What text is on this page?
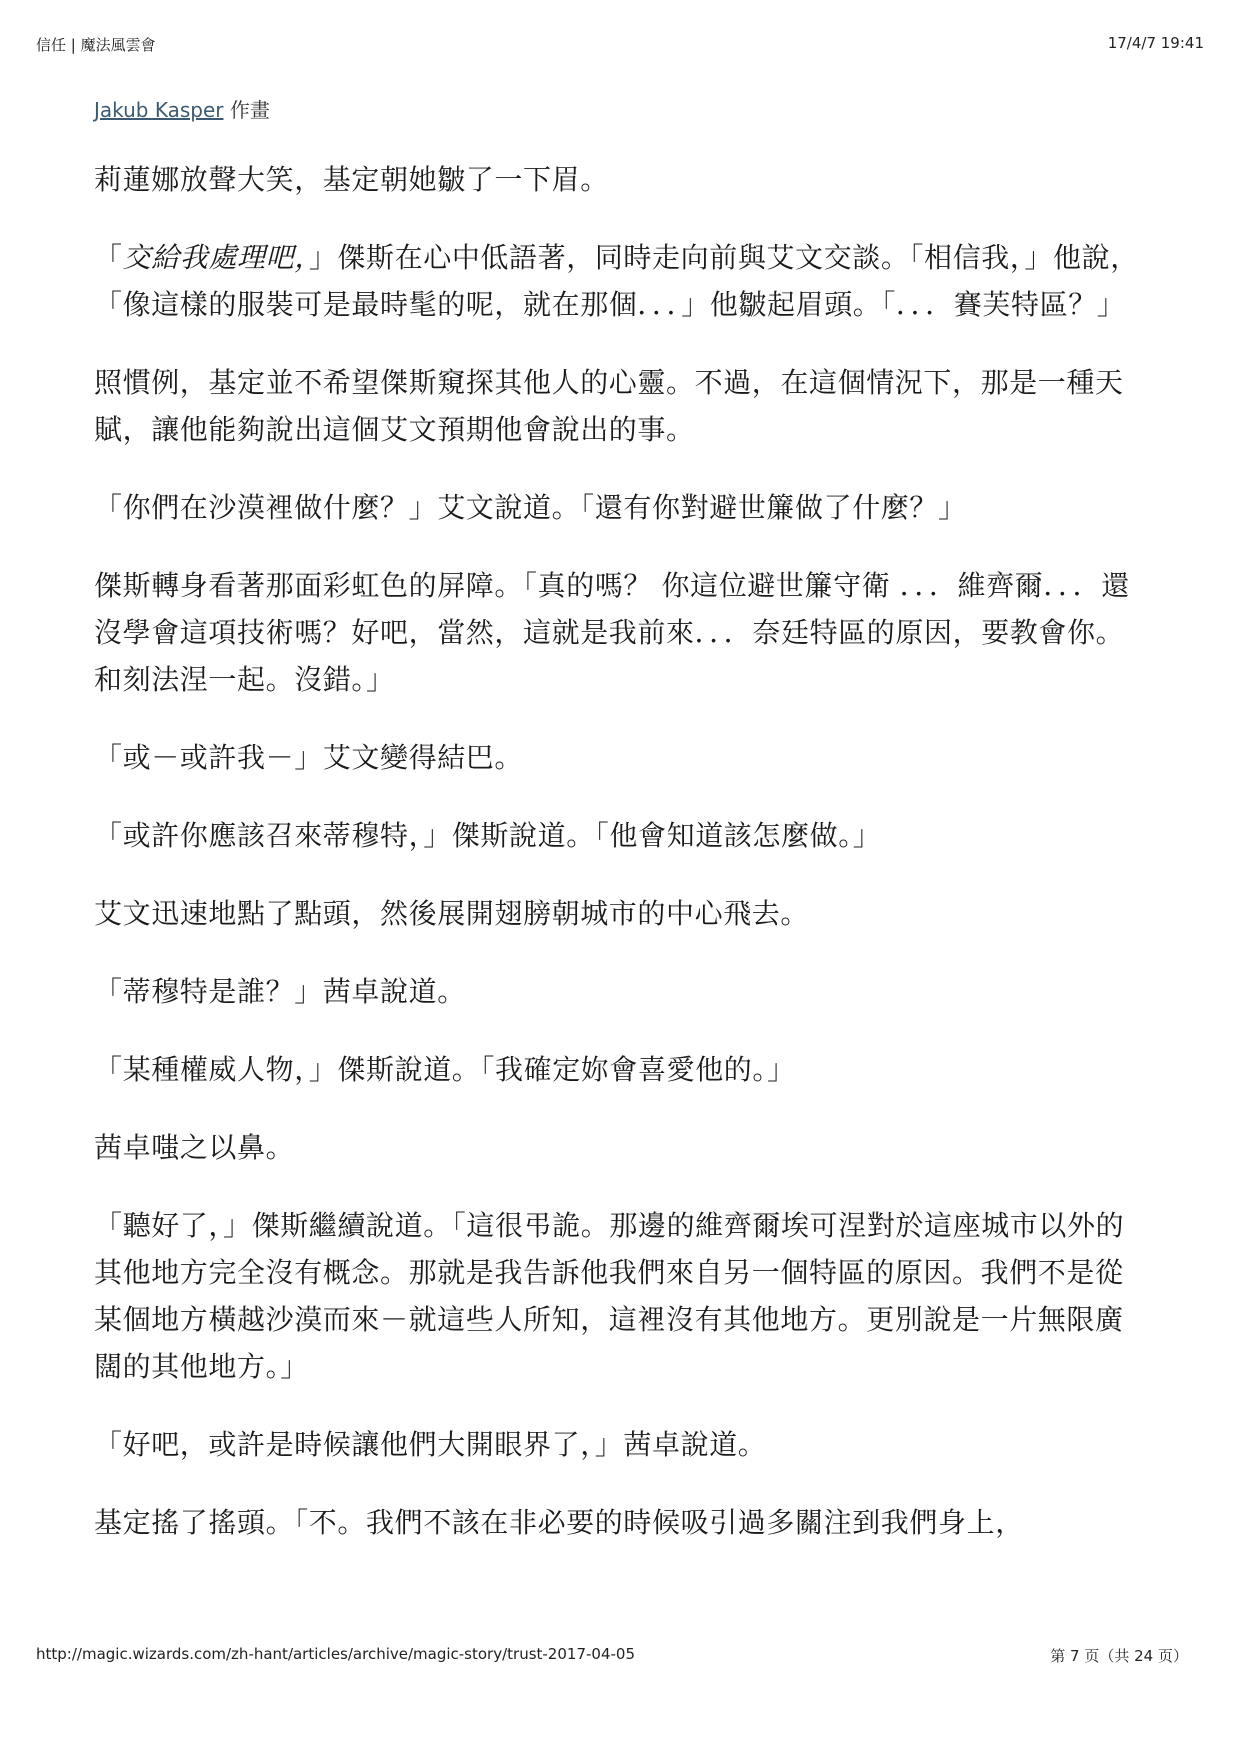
信任 | 魔法風雲會	17/4/7 19:41
Jakub Kasper 作畫

莉蓮娜放聲大笑，基定朝她皺了一下眉。

「交給我處理吧，」傑斯在心中低語著，同時走向前與艾文交談。「相信我，」他說，「像這樣的服裝可是最時髦的呢，就在那個．．．」他皺起眉頭。「．．．賽芙特區？」

照慣例，基定並不希望傑斯窺探其他人的心靈。不過，在這個情況下，那是一種天賦，讓他能夠說出這個艾文預期他會說出的事。

「你們在沙漠裡做什麼？」艾文說道。「還有你對避世簾做了什麼？」

傑斯轉身看著那面彩虹色的屏障。「真的嗎？ 你這位避世簾守衛 ．．．維齊爾．．．還沒學會這項技術嗎？好吧，當然，這就是我前來．．．奈廷特區的原因，要教會你。和刻法涅一起。沒錯。」

「或－或許我－」艾文變得結巴。

「或許你應該召來蒂穆特，」傑斯說道。「他會知道該怎麼做。」

艾文迅速地點了點頭，然後展開翅膀朝城市的中心飛去。

「蒂穆特是誰？」茜卓說道。

「某種權威人物，」傑斯說道。「我確定妳會喜愛他的。」

茜卓嗤之以鼻。

「聽好了，」傑斯繼續說道。「這很弔詭。那邊的維齊爾埃可涅對於這座城市以外的其他地方完全沒有概念。那就是我告訴他我們來自另一個特區的原因。我們不是從某個地方橫越沙漠而來－就這些人所知，這裡沒有其他地方。更別說是一片無限廣闊的其他地方。」

「好吧，或許是時候讓他們大開眼界了，」茜卓說道。

基定搖了搖頭。「不。我們不該在非必要的時候吸引過多關注到我們身上，

http://magic.wizards.com/zh-hant/articles/archive/magic-story/trust-2017-04-05	第 7 页（共 24 页）
